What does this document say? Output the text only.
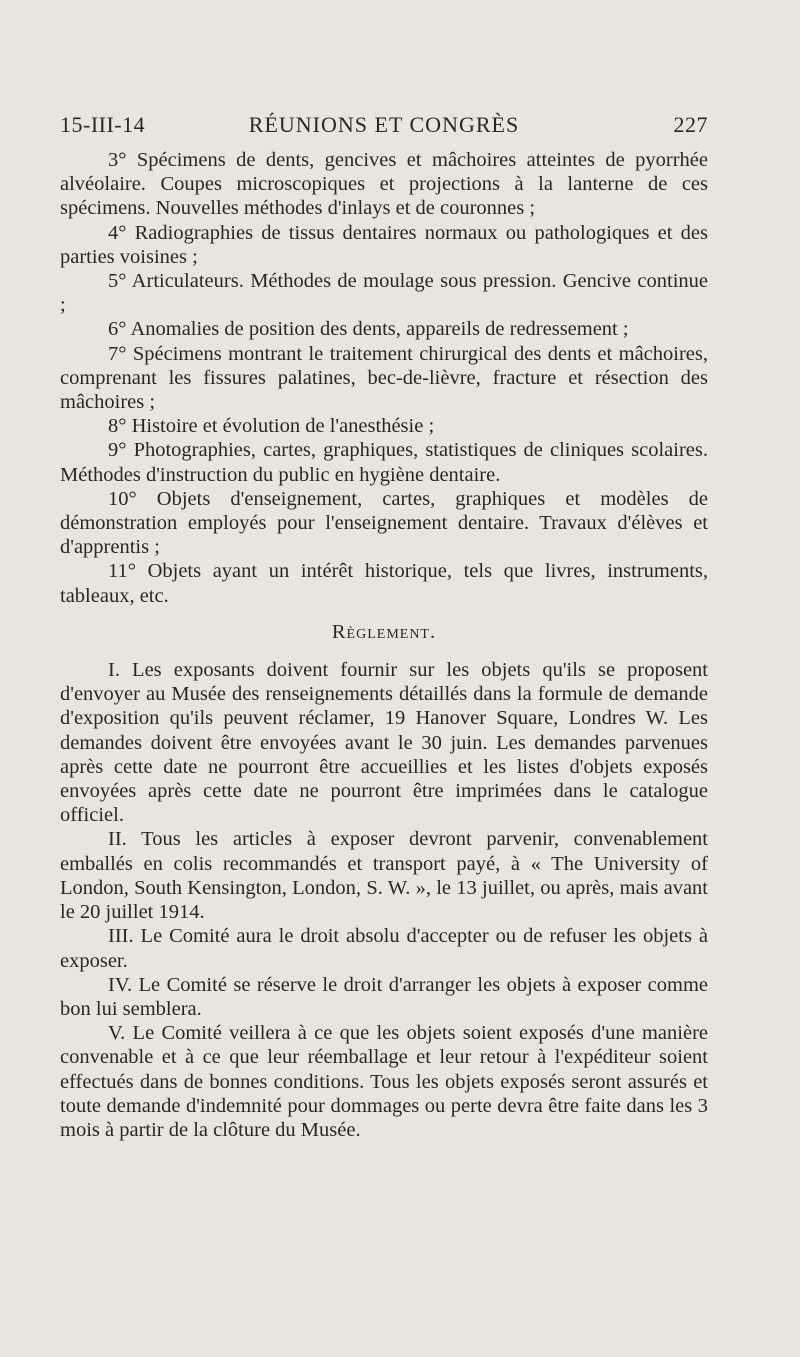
15-III-14	RÉUNIONS ET CONGRÈS	227

3° Spécimens de dents, gencives et mâchoires atteintes de pyorrhée alvéolaire. Coupes microscopiques et projections à la lanterne de ces spécimens. Nouvelles méthodes d'inlays et de couronnes ;

4° Radiographies de tissus dentaires normaux ou pathologiques et des parties voisines ;

5° Articulateurs. Méthodes de moulage sous pression. Gencive continue ;

6° Anomalies de position des dents, appareils de redressement ;

7° Spécimens montrant le traitement chirurgical des dents et mâchoires, comprenant les fissures palatines, bec-de-lièvre, fracture et résection des mâchoires ;

8° Histoire et évolution de l'anesthésie ;

9° Photographies, cartes, graphiques, statistiques de cliniques scolaires. Méthodes d'instruction du public en hygiène dentaire.

10° Objets d'enseignement, cartes, graphiques et modèles de démonstration employés pour l'enseignement dentaire. Travaux d'élèves et d'apprentis ;

11° Objets ayant un intérêt historique, tels que livres, instruments, tableaux, etc.

Règlement.

I. Les exposants doivent fournir sur les objets qu'ils se proposent d'envoyer au Musée des renseignements détaillés dans la formule de demande d'exposition qu'ils peuvent réclamer, 19 Hanover Square, Londres W. Les demandes doivent être envoyées avant le 30 juin. Les demandes parvenues après cette date ne pourront être accueillies et les listes d'objets exposés envoyées après cette date ne pourront être imprimées dans le catalogue officiel.

II. Tous les articles à exposer devront parvenir, convenablement emballés en colis recommandés et transport payé, à « The University of London, South Kensington, London, S. W. », le 13 juillet, ou après, mais avant le 20 juillet 1914.

III. Le Comité aura le droit absolu d'accepter ou de refuser les objets à exposer.

IV. Le Comité se réserve le droit d'arranger les objets à exposer comme bon lui semblera.

V. Le Comité veillera à ce que les objets soient exposés d'une manière convenable et à ce que leur réemballage et leur retour à l'expéditeur soient effectués dans de bonnes conditions. Tous les objets exposés seront assurés et toute demande d'indemnité pour dommages ou perte devra être faite dans les 3 mois à partir de la clôture du Musée.
